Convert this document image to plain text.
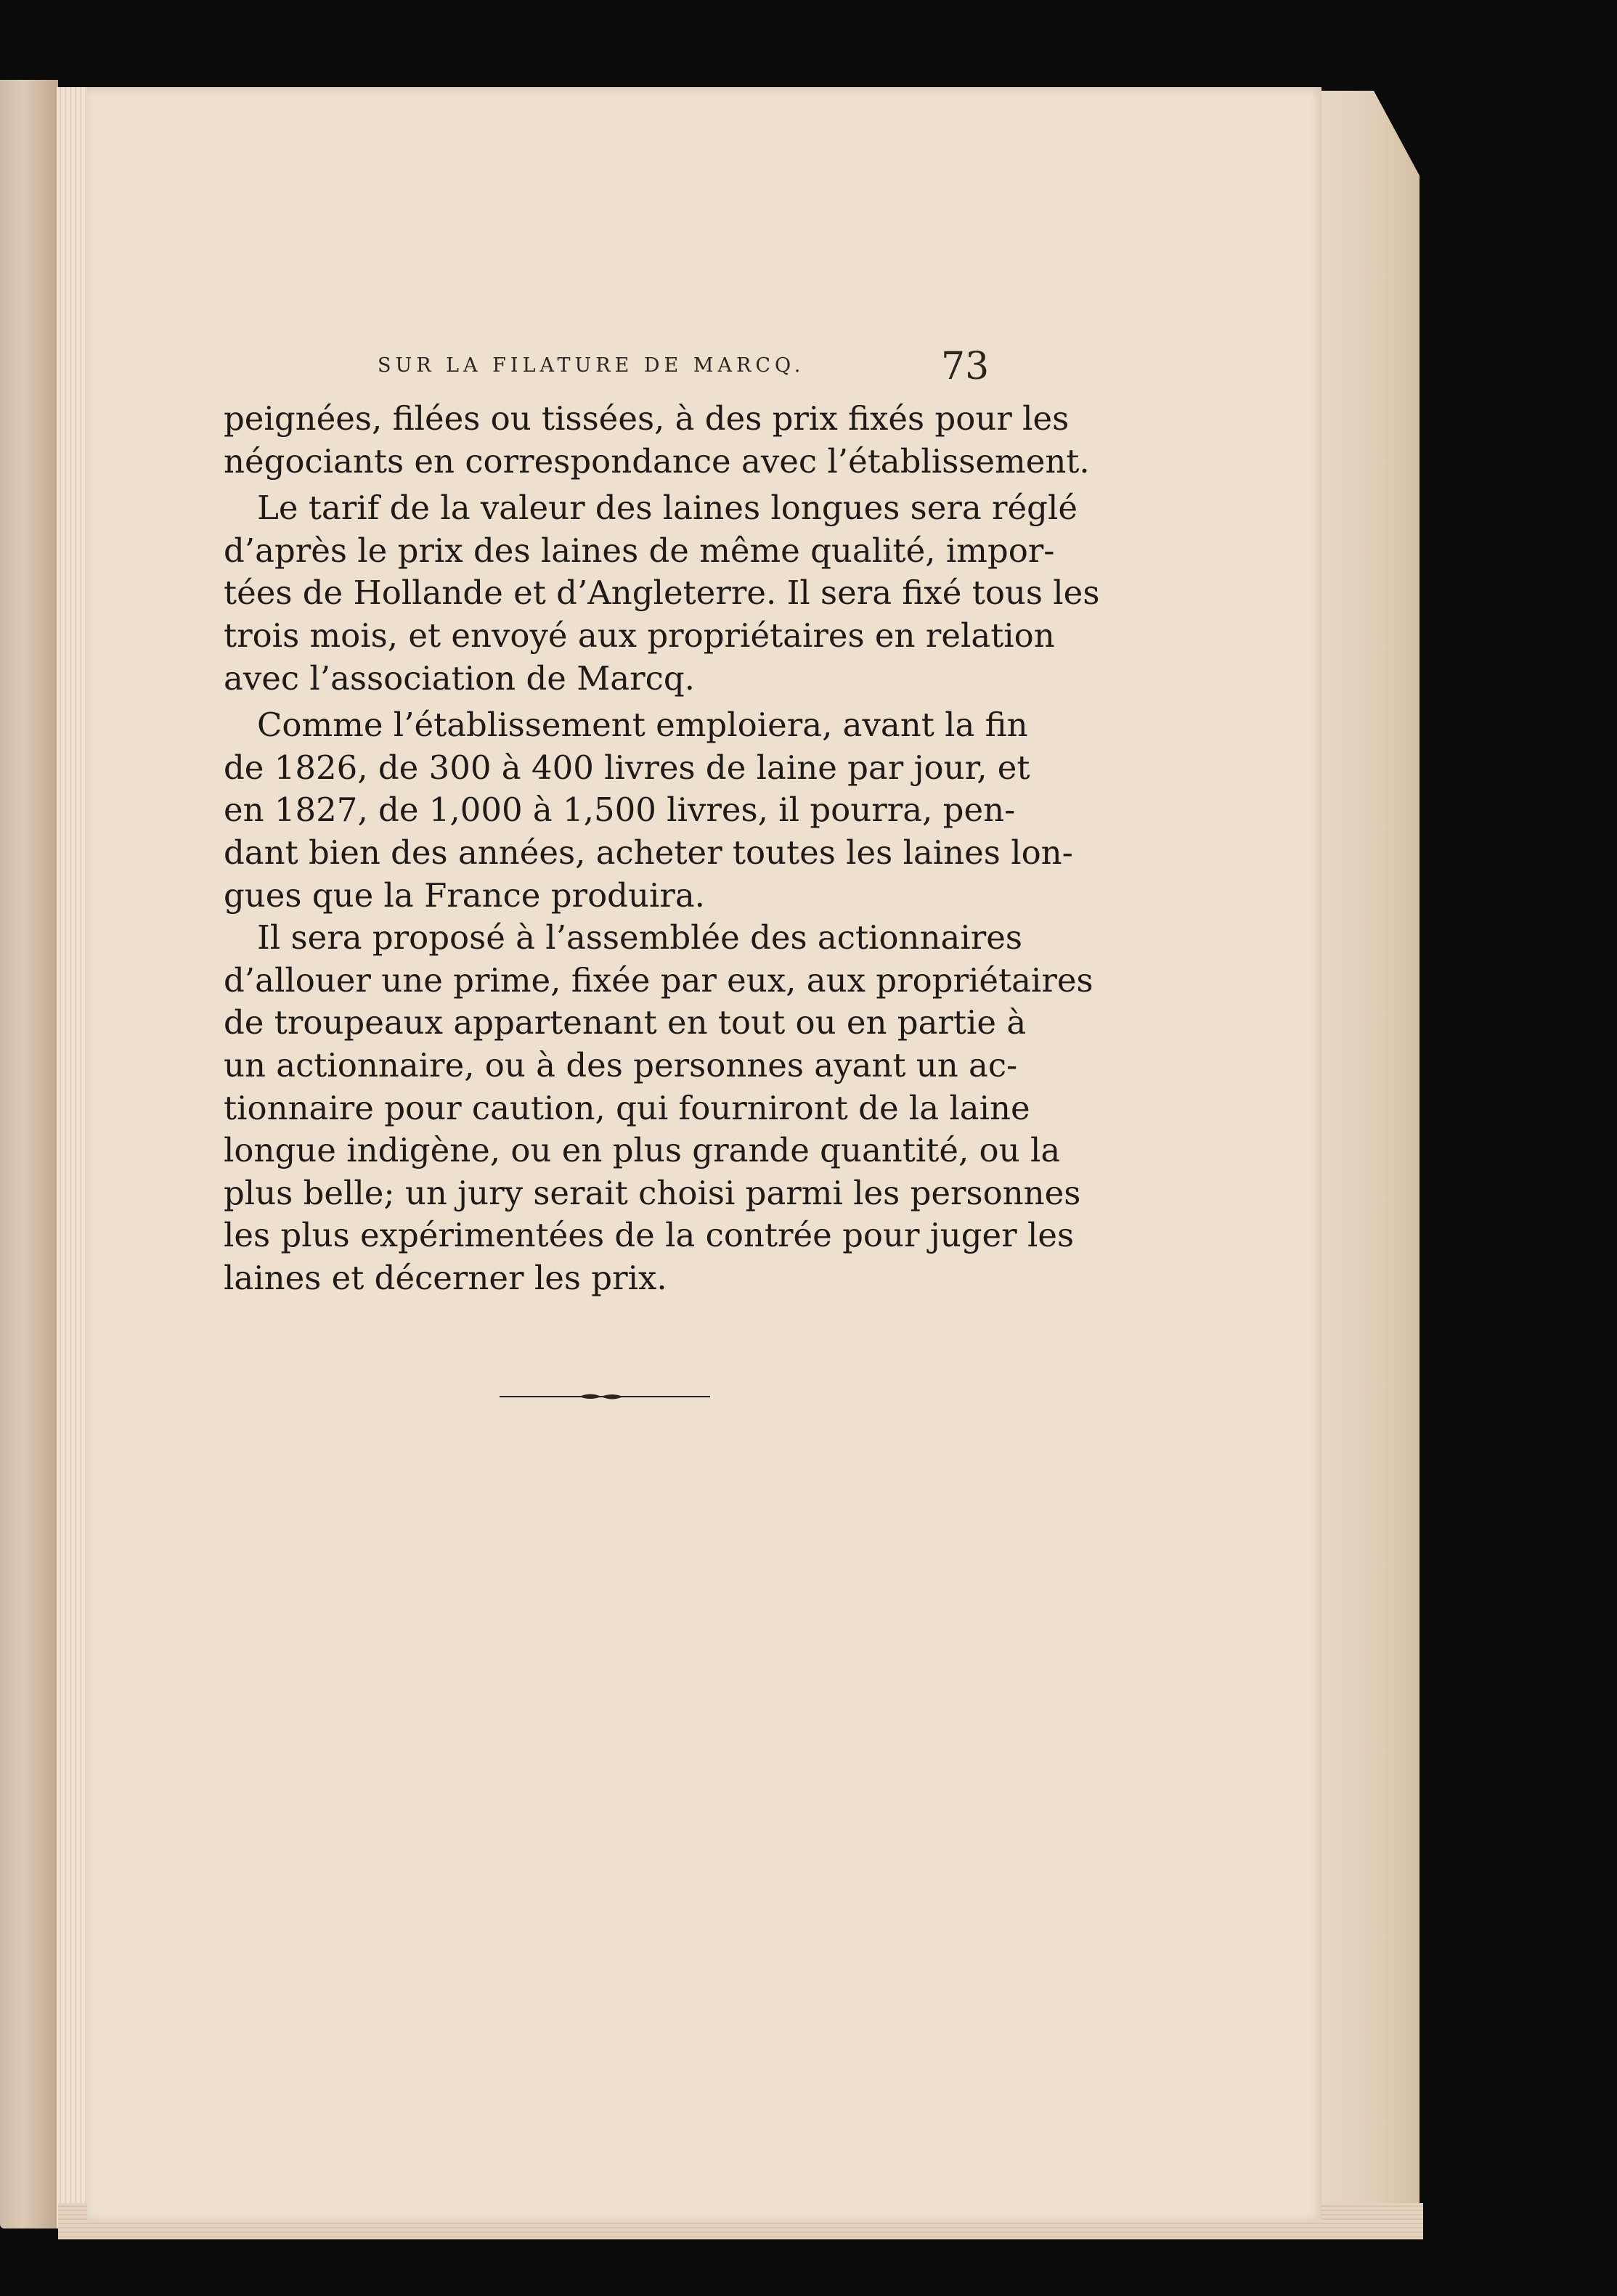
SUR LA FILATURE DE MARCQ.	73
peignées, filées ou tissées, à des prix fixés pour les
négociants en correspondance avec l’établissement.
Le tarif de la valeur des laines longues sera réglé
d’après le prix des laines de même qualité, impor-
tées de Hollande et d’Angleterre. Il sera fixé tous les
trois mois, et envoyé aux propriétaires en relation
avec l’association de Marcq.
Comme l’établissement emploiera, avant la fin
de 1826, de 300 à 400 livres de laine par jour, et
en 1827, de 1,000 à 1,500 livres, il pourra, pen-
dant bien des années, acheter toutes les laines lon-
gues que la France produira.
Il sera proposé à l’assemblée des actionnaires
d’allouer une prime, fixée par eux, aux propriétaires
de troupeaux appartenant en tout ou en partie à
un actionnaire, ou à des personnes ayant un ac-
tionnaire pour caution, qui fourniront de la laine
longue indigène, ou en plus grande quantité, ou la
plus belle; un jury serait choisi parmi les personnes
les plus expérimentées de la contrée pour juger les
laines et décerner les prix.
